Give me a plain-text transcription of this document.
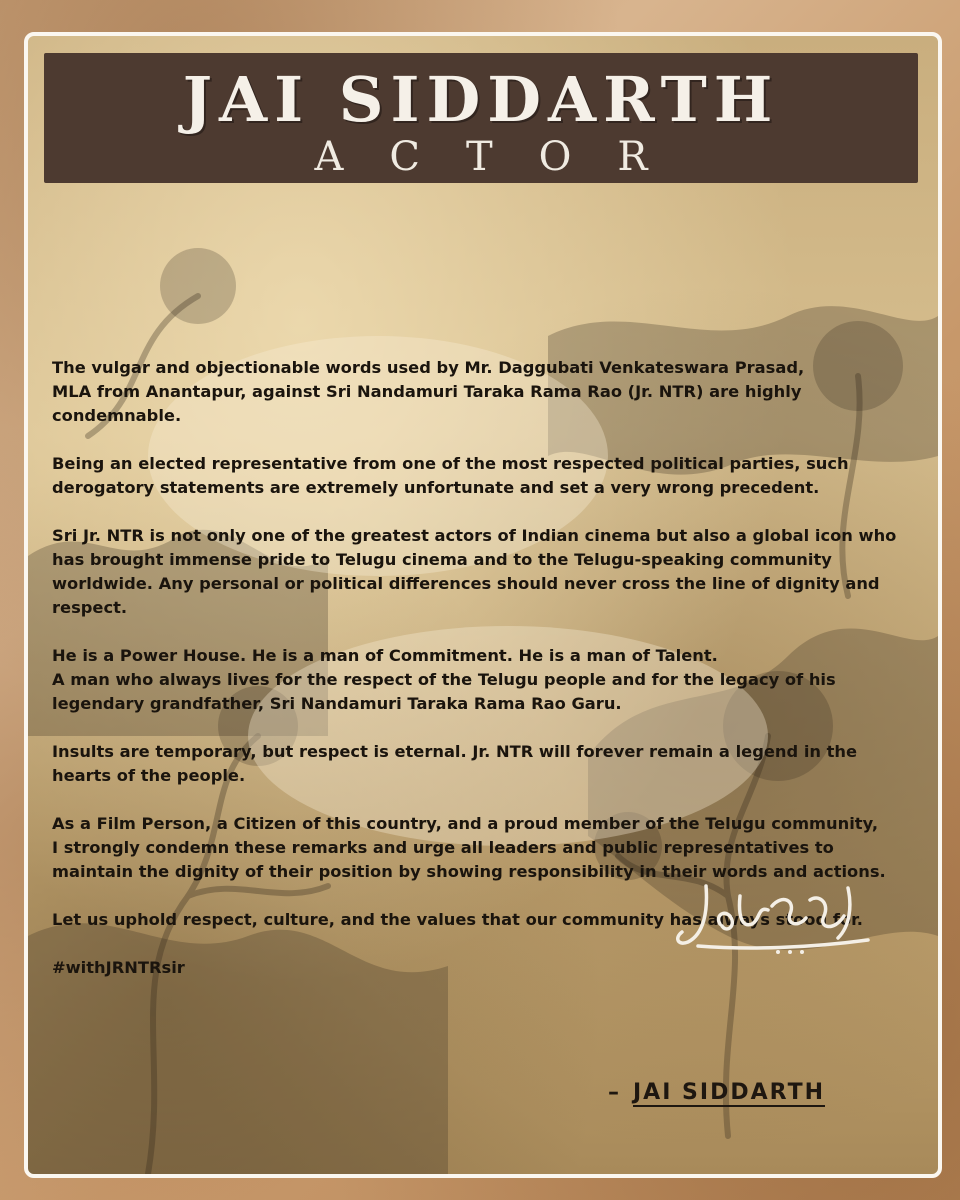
JAI SIDDARTH
ACTOR

The vulgar and objectionable words used by Mr. Daggubati Venkateswara Prasad,
MLA from Anantapur, against Sri Nandamuri Taraka Rama Rao (Jr. NTR) are highly
condemnable.

Being an elected representative from one of the most respected political parties, such
derogatory statements are extremely unfortunate and set a very wrong precedent.

Sri Jr. NTR is not only one of the greatest actors of Indian cinema but also a global icon who
has brought immense pride to Telugu cinema and to the Telugu-speaking community
worldwide. Any personal or political differences should never cross the line of dignity and
respect.

He is a Power House. He is a man of Commitment. He is a man of Talent.
A man who always lives for the respect of the Telugu people and for the legacy of his
legendary grandfather, Sri Nandamuri Taraka Rama Rao Garu.

Insults are temporary, but respect is eternal. Jr. NTR will forever remain a legend in the
hearts of the people.

As a Film Person, a Citizen of this country, and a proud member of the Telugu community,
I strongly condemn these remarks and urge all leaders and public representatives to
maintain the dignity of their position by showing responsibility in their words and actions.

Let us uphold respect, culture, and the values that our community has always stood for.

#withJRNTRsir

– JAI SIDDARTH
